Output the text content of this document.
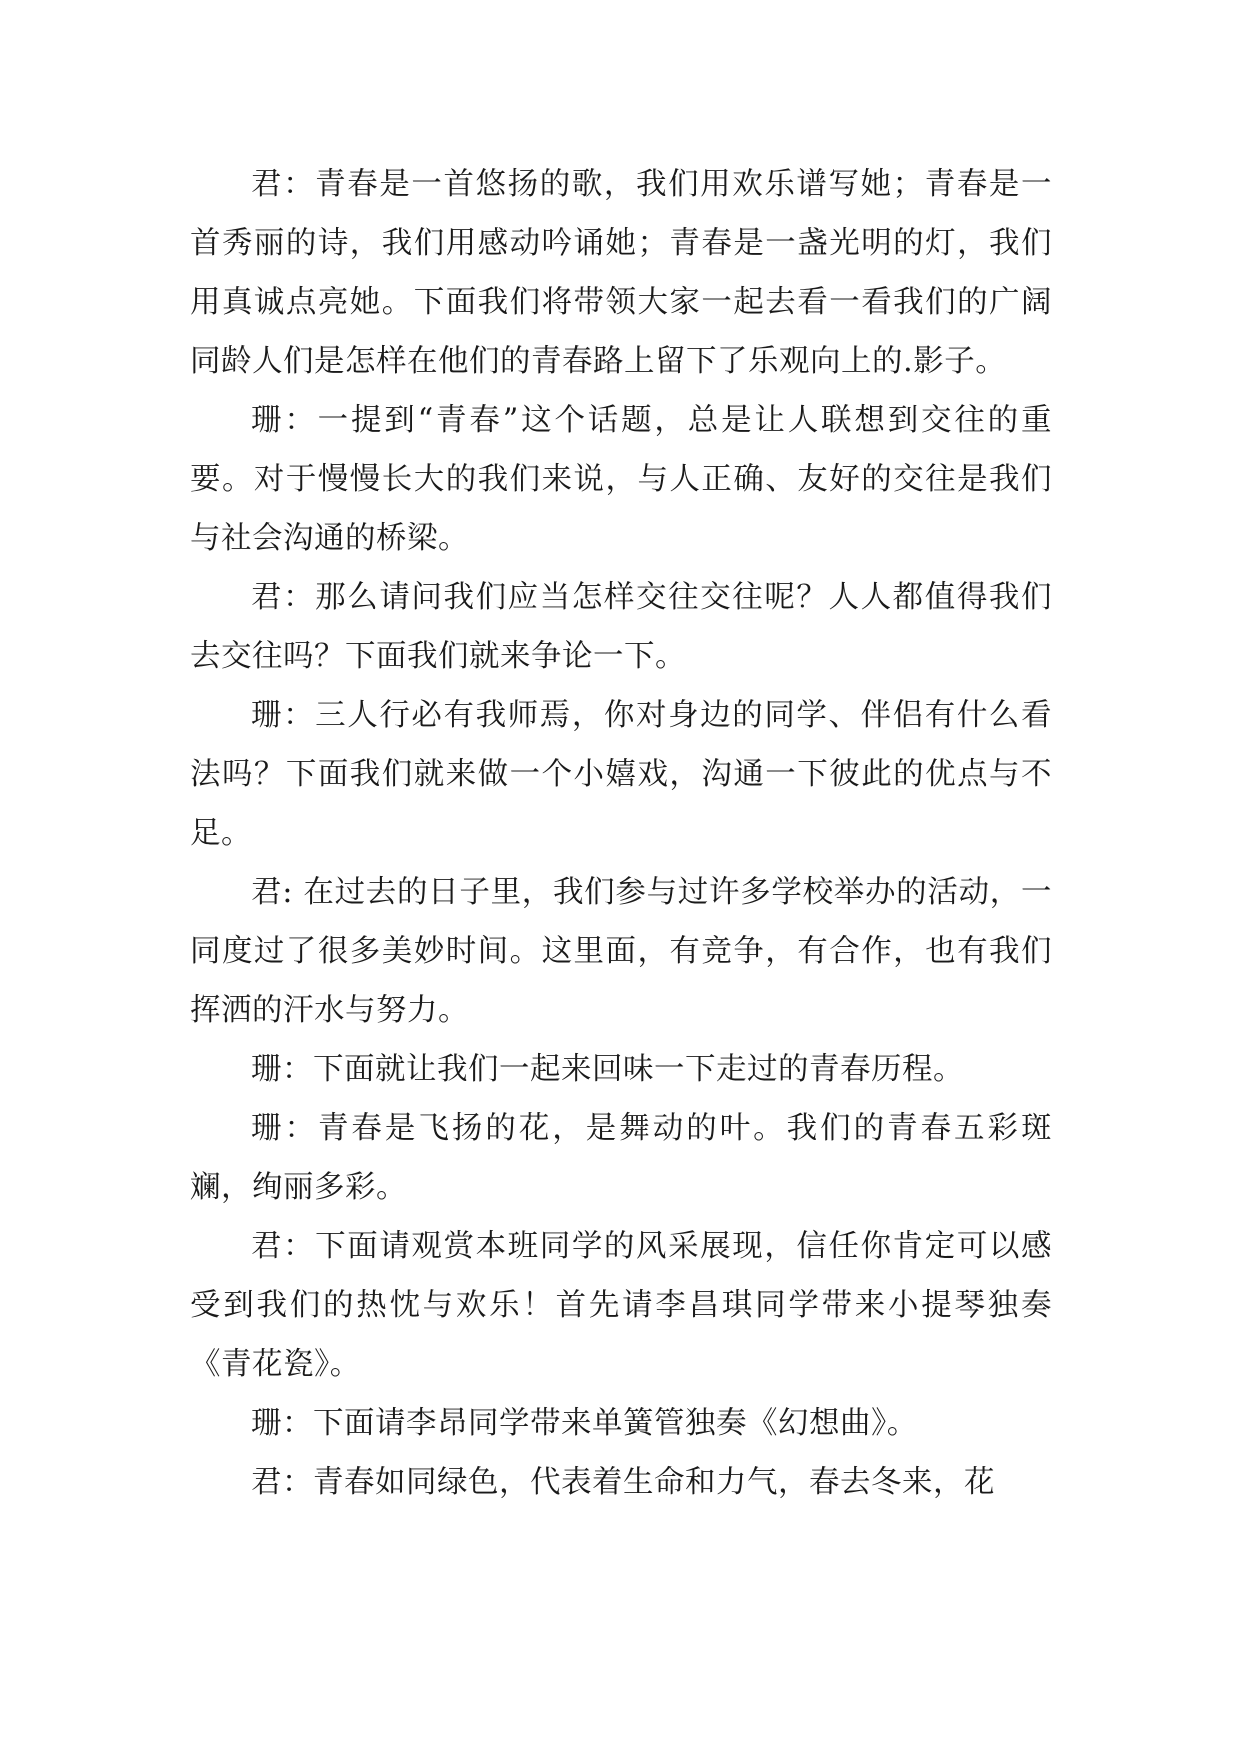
君：青春是一首悠扬的歌，我们用欢乐谱写她；青春是一首秀丽的诗，我们用感动吟诵她；青春是一盏光明的灯，我们用真诚点亮她。下面我们将带领大家一起去看一看我们的广阔同龄人们是怎样在他们的青春路上留下了乐观向上的.影子。

珊：一提到“青春”这个话题，总是让人联想到交往的重要。对于慢慢长大的我们来说，与人正确、友好的交往是我们与社会沟通的桥梁。

君：那么请问我们应当怎样交往交往呢？人人都值得我们去交往吗？下面我们就来争论一下。

珊：三人行必有我师焉，你对身边的同学、伴侣有什么看法吗？下面我们就来做一个小嬉戏，沟通一下彼此的优点与不足。

君: 在过去的日子里，我们参与过许多学校举办的活动，一同度过了很多美妙时间。这里面，有竞争，有合作，也有我们挥洒的汗水与努力。

珊：下面就让我们一起来回味一下走过的青春历程。

珊：青春是飞扬的花，是舞动的叶。我们的青春五彩斑斓，绚丽多彩。

君：下面请观赏本班同学的风采展现，信任你肯定可以感受到我们的热忱与欢乐！首先请李昌琪同学带来小提琴独奏《青花瓷》。

珊：下面请李昂同学带来单簧管独奏《幻想曲》。

君：青春如同绿色，代表着生命和力气，春去冬来，花
